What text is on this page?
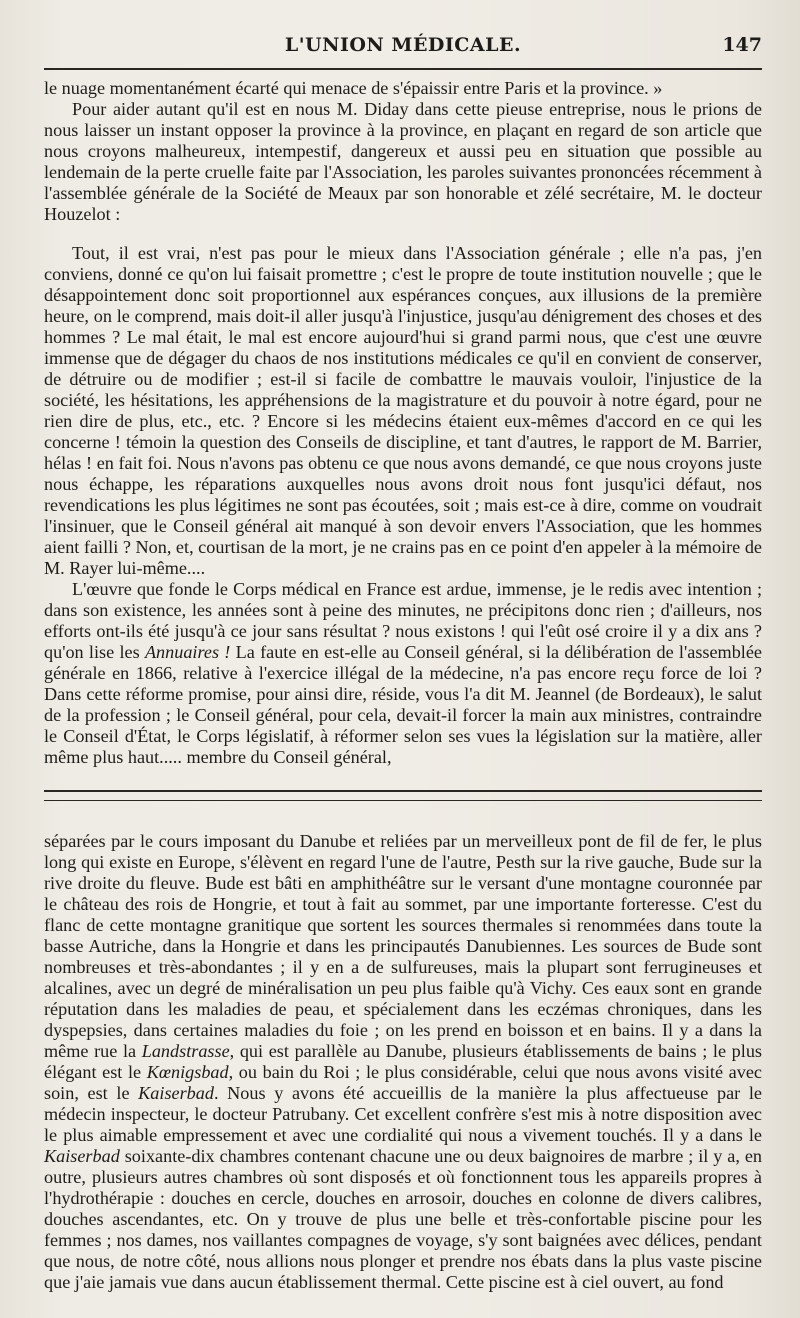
L'UNION MÉDICALE.	147

le nuage momentanément écarté qui menace de s'épaissir entre Paris et la province. »

Pour aider autant qu'il est en nous M. Diday dans cette pieuse entreprise, nous le prions de nous laisser un instant opposer la province à la province, en plaçant en regard de son article que nous croyons malheureux, intempestif, dangereux et aussi peu en situation que possible au lendemain de la perte cruelle faite par l'Association, les paroles suivantes prononcées récemment à l'assemblée générale de la Société de Meaux par son honorable et zélé secrétaire, M. le docteur Houzelot :

Tout, il est vrai, n'est pas pour le mieux dans l'Association générale ; elle n'a pas, j'en conviens, donné ce qu'on lui faisait promettre ; c'est le propre de toute institution nouvelle ; que le désappointement donc soit proportionnel aux espérances conçues, aux illusions de la première heure, on le comprend, mais doit-il aller jusqu'à l'injustice, jusqu'au dénigrement des choses et des hommes ? Le mal était, le mal est encore aujourd'hui si grand parmi nous, que c'est une œuvre immense que de dégager du chaos de nos institutions médicales ce qu'il en convient de conserver, de détruire ou de modifier ; est-il si facile de combattre le mauvais vouloir, l'injustice de la société, les hésitations, les appréhensions de la magistrature et du pouvoir à notre égard, pour ne rien dire de plus, etc., etc. ? Encore si les médecins étaient eux-mêmes d'accord en ce qui les concerne ! témoin la question des Conseils de discipline, et tant d'autres, le rapport de M. Barrier, hélas ! en fait foi. Nous n'avons pas obtenu ce que nous avons demandé, ce que nous croyons juste nous échappe, les réparations auxquelles nous avons droit nous font jusqu'ici défaut, nos revendications les plus légitimes ne sont pas écoutées, soit ; mais est-ce à dire, comme on voudrait l'insinuer, que le Conseil général ait manqué à son devoir envers l'Association, que les hommes aient failli ? Non, et, courtisan de la mort, je ne crains pas en ce point d'en appeler à la mémoire de M. Rayer lui-même....

L'œuvre que fonde le Corps médical en France est ardue, immense, je le redis avec intention ; dans son existence, les années sont à peine des minutes, ne précipitons donc rien ; d'ailleurs, nos efforts ont-ils été jusqu'à ce jour sans résultat ? nous existons ! qui l'eût osé croire il y a dix ans ? qu'on lise les Annuaires ! La faute en est-elle au Conseil général, si la délibération de l'assemblée générale en 1866, relative à l'exercice illégal de la médecine, n'a pas encore reçu force de loi ? Dans cette réforme promise, pour ainsi dire, réside, vous l'a dit M. Jeannel (de Bordeaux), le salut de la profession ; le Conseil général, pour cela, devait-il forcer la main aux ministres, contraindre le Conseil d'État, le Corps législatif, à réformer selon ses vues la législation sur la matière, aller même plus haut..... membre du Conseil général,

séparées par le cours imposant du Danube et reliées par un merveilleux pont de fil de fer, le plus long qui existe en Europe, s'élèvent en regard l'une de l'autre, Pesth sur la rive gauche, Bude sur la rive droite du fleuve. Bude est bâti en amphithéâtre sur le versant d'une montagne couronnée par le château des rois de Hongrie, et tout à fait au sommet, par une importante forteresse. C'est du flanc de cette montagne granitique que sortent les sources thermales si renommées dans toute la basse Autriche, dans la Hongrie et dans les principautés Danubiennes. Les sources de Bude sont nombreuses et très-abondantes ; il y en a de sulfureuses, mais la plupart sont ferrugineuses et alcalines, avec un degré de minéralisation un peu plus faible qu'à Vichy. Ces eaux sont en grande réputation dans les maladies de peau, et spécialement dans les eczémas chroniques, dans les dyspepsies, dans certaines maladies du foie ; on les prend en boisson et en bains. Il y a dans la même rue la Landstrasse, qui est parallèle au Danube, plusieurs établissements de bains ; le plus élégant est le Kœnigsbad, ou bain du Roi ; le plus considérable, celui que nous avons visité avec soin, est le Kaiserbad. Nous y avons été accueillis de la manière la plus affectueuse par le médecin inspecteur, le docteur Patrubany. Cet excellent confrère s'est mis à notre disposition avec le plus aimable empressement et avec une cordialité qui nous a vivement touchés. Il y a dans le Kaiserbad soixante-dix chambres contenant chacune une ou deux baignoires de marbre ; il y a, en outre, plusieurs autres chambres où sont disposés et où fonctionnent tous les appareils propres à l'hydrothérapie : douches en cercle, douches en arrosoir, douches en colonne de divers calibres, douches ascendantes, etc. On y trouve de plus une belle et très-confortable piscine pour les femmes ; nos dames, nos vaillantes compagnes de voyage, s'y sont baignées avec délices, pendant que nous, de notre côté, nous allions nous plonger et prendre nos ébats dans la plus vaste piscine que j'aie jamais vue dans aucun établissement thermal. Cette piscine est à ciel ouvert, au fond
